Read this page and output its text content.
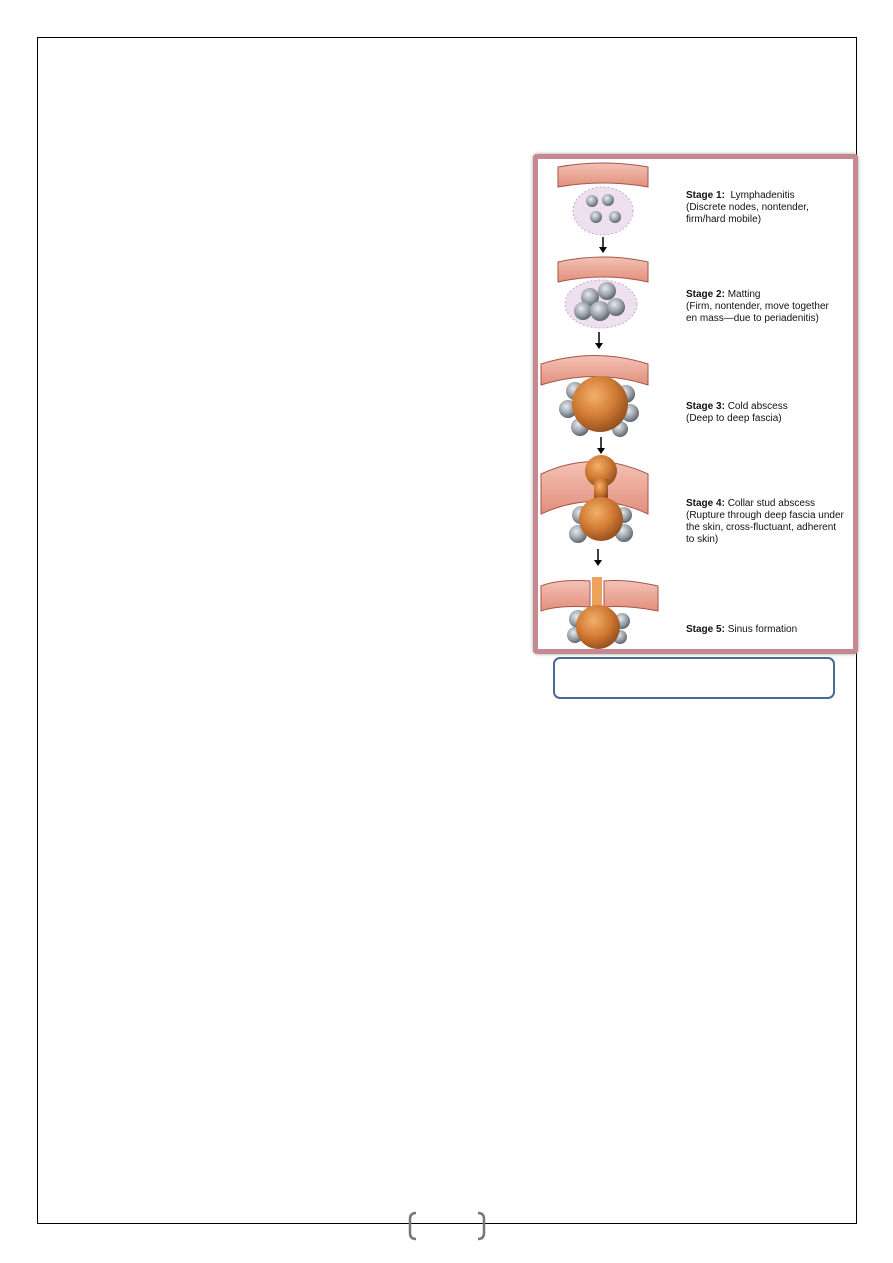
Stage 1: Lymphadenitis
(Discrete nodes, nontender,
firm/hard mobile)
Stage 2: Matting
(Firm, nontender, move together
en mass—due to periadenitis)
Stage 3: Cold abscess
(Deep to deep fascia)
Stage 4: Collar stud abscess
(Rupture through deep fascia under
the skin, cross-fluctuant, adherent
to skin)
Stage 5: Sinus formation
